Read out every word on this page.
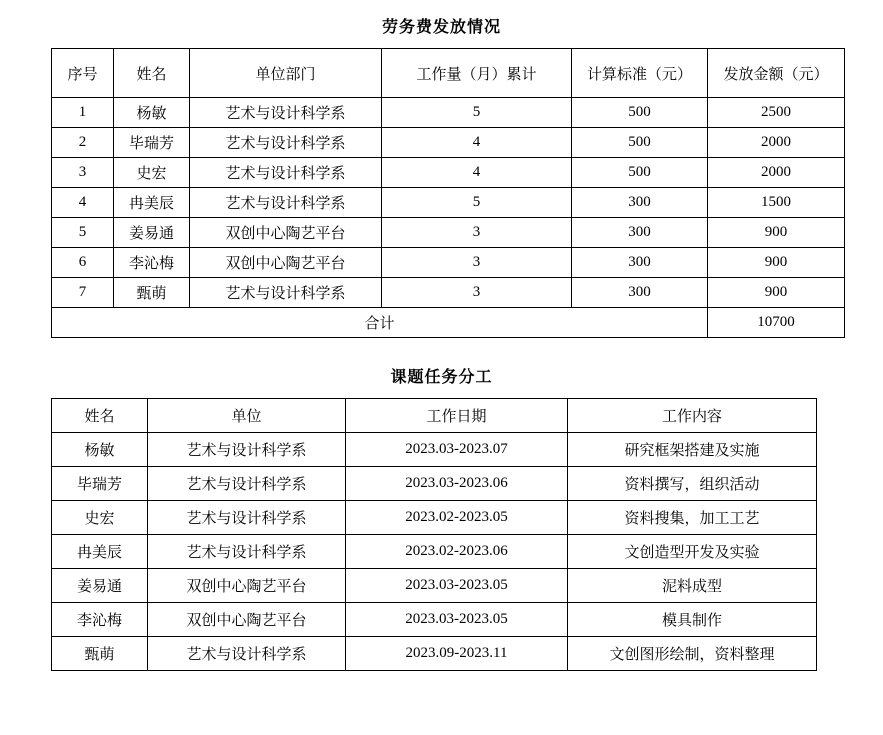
劳务费发放情况
序号	姓名	单位部门	工作量（月）累计	计算标准（元）	发放金额（元）
1	杨敏	艺术与设计科学系	5	500	2500
2	毕瑞芳	艺术与设计科学系	4	500	2000
3	史宏	艺术与设计科学系	4	500	2000
4	冉美辰	艺术与设计科学系	5	300	1500
5	姜易通	双创中心陶艺平台	3	300	900
6	李沁梅	双创中心陶艺平台	3	300	900
7	甄萌	艺术与设计科学系	3	300	900
合计					10700
课题任务分工
姓名	单位	工作日期	工作内容
杨敏	艺术与设计科学系	2023.03-2023.07	研究框架搭建及实施
毕瑞芳	艺术与设计科学系	2023.03-2023.06	资料撰写，组织活动
史宏	艺术与设计科学系	2023.02-2023.05	资料搜集，加工工艺
冉美辰	艺术与设计科学系	2023.02-2023.06	文创造型开发及实验
姜易通	双创中心陶艺平台	2023.03-2023.05	泥料成型
李沁梅	双创中心陶艺平台	2023.03-2023.05	模具制作
甄萌	艺术与设计科学系	2023.09-2023.11	文创图形绘制，资料整理
